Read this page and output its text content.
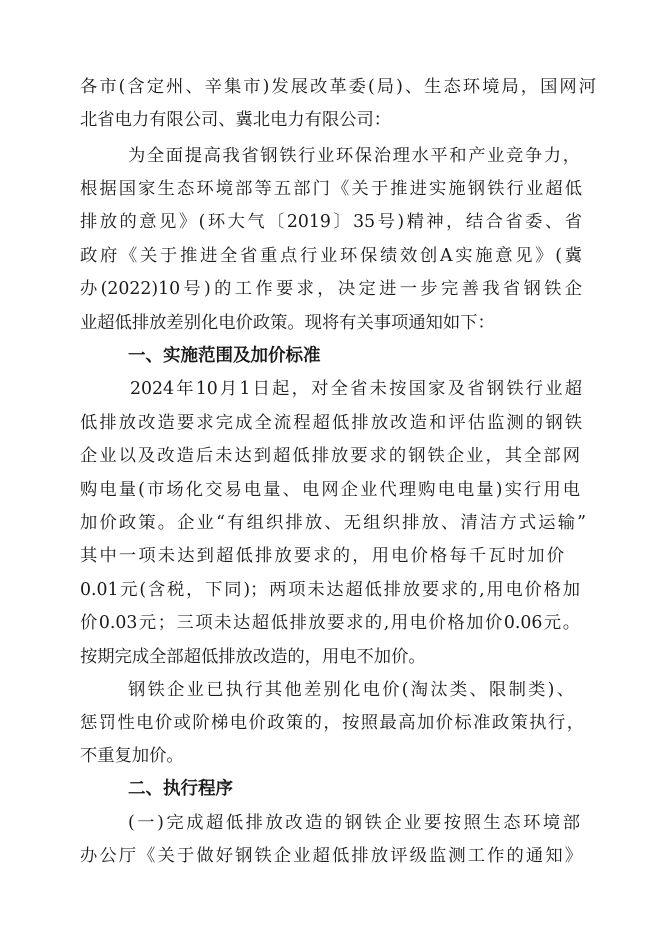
各市(含定州、辛集市)发展改革委(局)、生态环境局，国网河
北省电力有限公司、冀北电力有限公司：
为全面提高我省钢铁行业环保治理水平和产业竞争力，
根据国家生态环境部等五部门《关于推进实施钢铁行业超低
排放的意见》(环大气〔2019〕35号)精神，结合省委、省
政府《关于推进全省重点行业环保绩效创A实施意见》(冀
办(2022)10号)的工作要求，决定进一步完善我省钢铁企
业超低排放差别化电价政策。现将有关事项通知如下：
一、实施范围及加价标准
2024年10月1日起，对全省未按国家及省钢铁行业超
低排放改造要求完成全流程超低排放改造和评估监测的钢铁
企业以及改造后未达到超低排放要求的钢铁企业，其全部网
购电量(市场化交易电量、电网企业代理购电电量)实行用电
加价政策。企业“有组织排放、无组织排放、清洁方式运输”
其中一项未达到超低排放要求的，用电价格每千瓦时加价
0.01元(含税，下同)；两项未达超低排放要求的,用电价格加
价0.03元；三项未达超低排放要求的,用电价格加价0.06元。
按期完成全部超低排放改造的，用电不加价。
钢铁企业已执行其他差别化电价(淘汰类、限制类)、
惩罚性电价或阶梯电价政策的，按照最高加价标准政策执行，
不重复加价。
二、执行程序
(一)完成超低排放改造的钢铁企业要按照生态环境部
办公厅《关于做好钢铁企业超低排放评级监测工作的通知》
